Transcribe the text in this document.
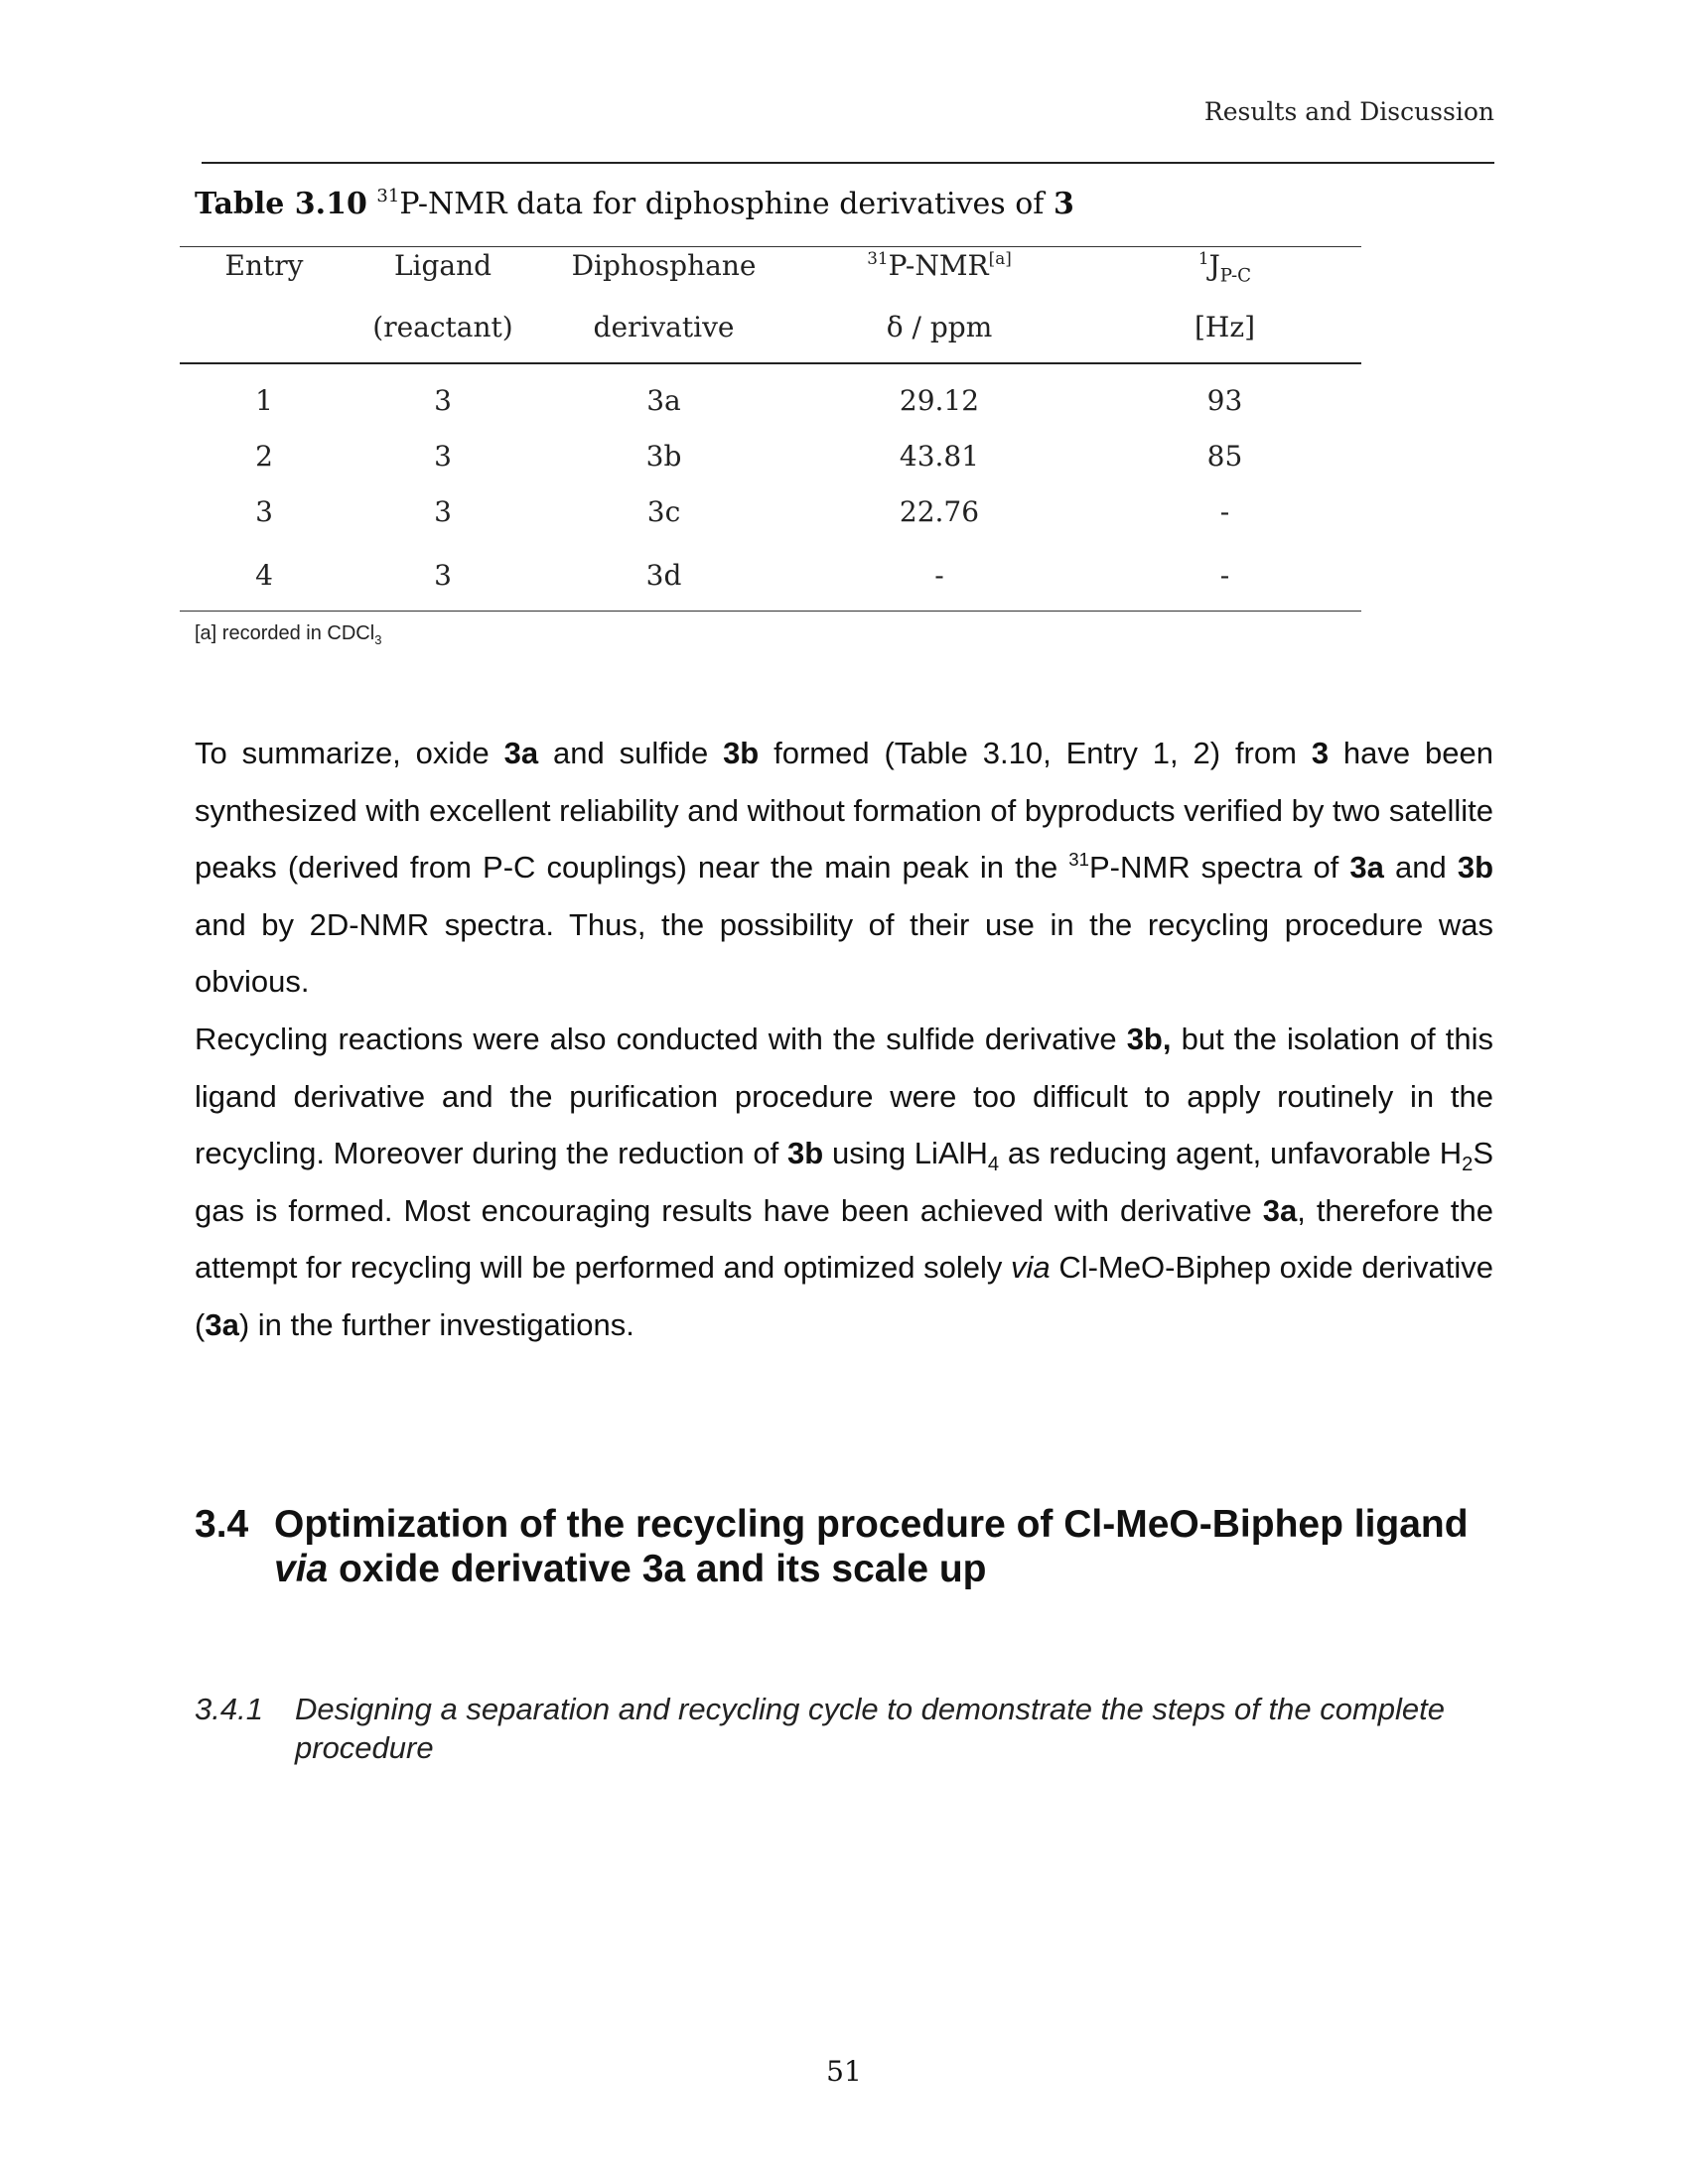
Results and Discussion
Table 3.10 $^{31}$P-NMR data for diphosphine derivatives of 3
Entry	Ligand	Diphosphane	$^{31}$P-NMR[a]	$^1J_{P-C}$
	(reactant)	derivative	δ / ppm	[Hz]
1	3	3a	29.12	93
2	3	3b	43.81	85
3	3	3c	22.76	-
4	3	3d	-	-
[a] recorded in CDCl$_3$

To summarize, oxide 3a and sulfide 3b formed (Table 3.10, Entry 1, 2) from 3 have been synthesized with excellent reliability and without formation of byproducts verified by two satellite peaks (derived from P-C couplings) near the main peak in the $^{31}$P-NMR spectra of 3a and 3b and by 2D-NMR spectra. Thus, the possibility of their use in the recycling procedure was obvious.

Recycling reactions were also conducted with the sulfide derivative 3b, but the isolation of this ligand derivative and the purification procedure were too difficult to apply routinely in the recycling. Moreover during the reduction of 3b using LiAlH$_4$ as reducing agent, unfavorable $H_2S$ gas is formed. Most encouraging results have been achieved with derivative 3a, therefore the attempt for recycling will be performed and optimized solely via Cl-MeO-Biphep oxide derivative (3a) in the further investigations.

3.4 Optimization of the recycling procedure of Cl-MeO-Biphep ligand via oxide derivative 3a and its scale up
3.4.1 Designing a separation and recycling cycle to demonstrate the steps of the complete procedure
51
